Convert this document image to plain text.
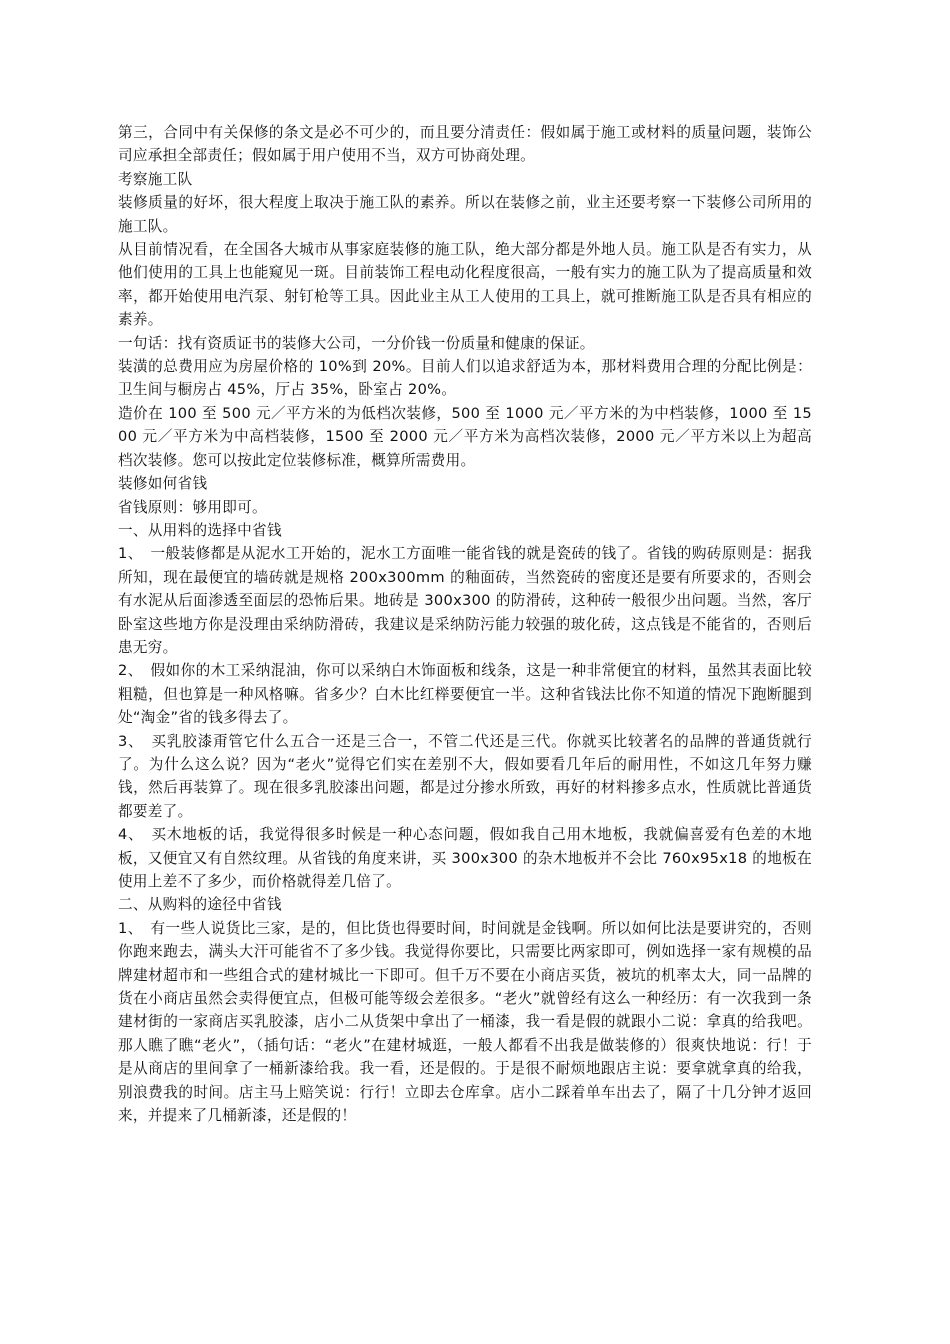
第三，合同中有关保修的条文是必不可少的，而且要分清责任：假如属于施工或材料的质量问题，装饰公司应承担全部责任；假如属于用户使用不当，双方可协商处理。

考察施工队

装修质量的好坏，很大程度上取决于施工队的素养。所以在装修之前，业主还要考察一下装修公司所用的施工队。

从目前情况看，在全国各大城市从事家庭装修的施工队，绝大部分都是外地人员。施工队是否有实力，从他们使用的工具上也能窥见一斑。目前装饰工程电动化程度很高，一般有实力的施工队为了提高质量和效率，都开始使用电汽泵、射钉枪等工具。因此业主从工人使用的工具上，就可推断施工队是否具有相应的素养。

一句话：找有资质证书的装修大公司，一分价钱一份质量和健康的保证。

装潢的总费用应为房屋价格的 10%到 20%。目前人们以追求舒适为本，那材料费用合理的分配比例是：卫生间与橱房占 45%，厅占 35%，卧室占 20%。

造价在 100 至 500 元／平方米的为低档次装修，500 至 1000 元／平方米的为中档装修，1000 至 1500 元／平方米为中高档装修，1500 至 2000 元／平方米为高档次装修，2000 元／平方米以上为超高档次装修。您可以按此定位装修标准，概算所需费用。

装修如何省钱

省钱原则：够用即可。

一、从用料的选择中省钱

1、　一般装修都是从泥水工开始的，泥水工方面唯一能省钱的就是瓷砖的钱了。省钱的购砖原则是：据我所知，现在最便宜的墙砖就是规格 200x300mm 的釉面砖，当然瓷砖的密度还是要有所要求的，否则会有水泥从后面渗透至面层的恐怖后果。地砖是 300x300 的防滑砖，这种砖一般很少出问题。当然，客厅卧室这些地方你是没理由采纳防滑砖，我建议是采纳防污能力较强的玻化砖，这点钱是不能省的，否则后患无穷。

2、　假如你的木工采纳混油，你可以采纳白木饰面板和线条，这是一种非常便宜的材料，虽然其表面比较粗糙，但也算是一种风格嘛。省多少？白木比红榉要便宜一半。这种省钱法比你不知道的情况下跑断腿到处“淘金”省的钱多得去了。

3、　买乳胶漆甭管它什么五合一还是三合一，不管二代还是三代。你就买比较著名的品牌的普通货就行了。为什么这么说？因为“老火”觉得它们实在差别不大，假如要看几年后的耐用性，不如这几年努力赚钱，然后再装算了。现在很多乳胶漆出问题，都是过分掺水所致，再好的材料掺多点水，性质就比普通货都要差了。

4、　买木地板的话，我觉得很多时候是一种心态问题，假如我自己用木地板，我就偏喜爱有色差的木地板，又便宜又有自然纹理。从省钱的角度来讲，买 300x300 的杂木地板并不会比 760x95x18 的地板在使用上差不了多少，而价格就得差几倍了。

二、从购料的途径中省钱

1、　有一些人说货比三家，是的，但比货也得要时间，时间就是金钱啊。所以如何比法是要讲究的，否则你跑来跑去，满头大汗可能省不了多少钱。我觉得你要比，只需要比两家即可，例如选择一家有规模的品牌建材超市和一些组合式的建材城比一下即可。但千万不要在小商店买货，被坑的机率太大，同一品牌的货在小商店虽然会卖得便宜点，但极可能等级会差很多。“老火”就曾经有这么一种经历：有一次我到一条建材街的一家商店买乳胶漆，店小二从货架中拿出了一桶漆，我一看是假的就跟小二说：拿真的给我吧。那人瞧了瞧“老火”，（插句话：“老火”在建材城逛，一般人都看不出我是做装修的）很爽快地说：行！于是从商店的里间拿了一桶新漆给我。我一看，还是假的。于是很不耐烦地跟店主说：要拿就拿真的给我，别浪费我的时间。店主马上赔笑说：行行！立即去仓库拿。店小二踩着单车出去了，隔了十几分钟才返回来，并提来了几桶新漆，还是假的！
